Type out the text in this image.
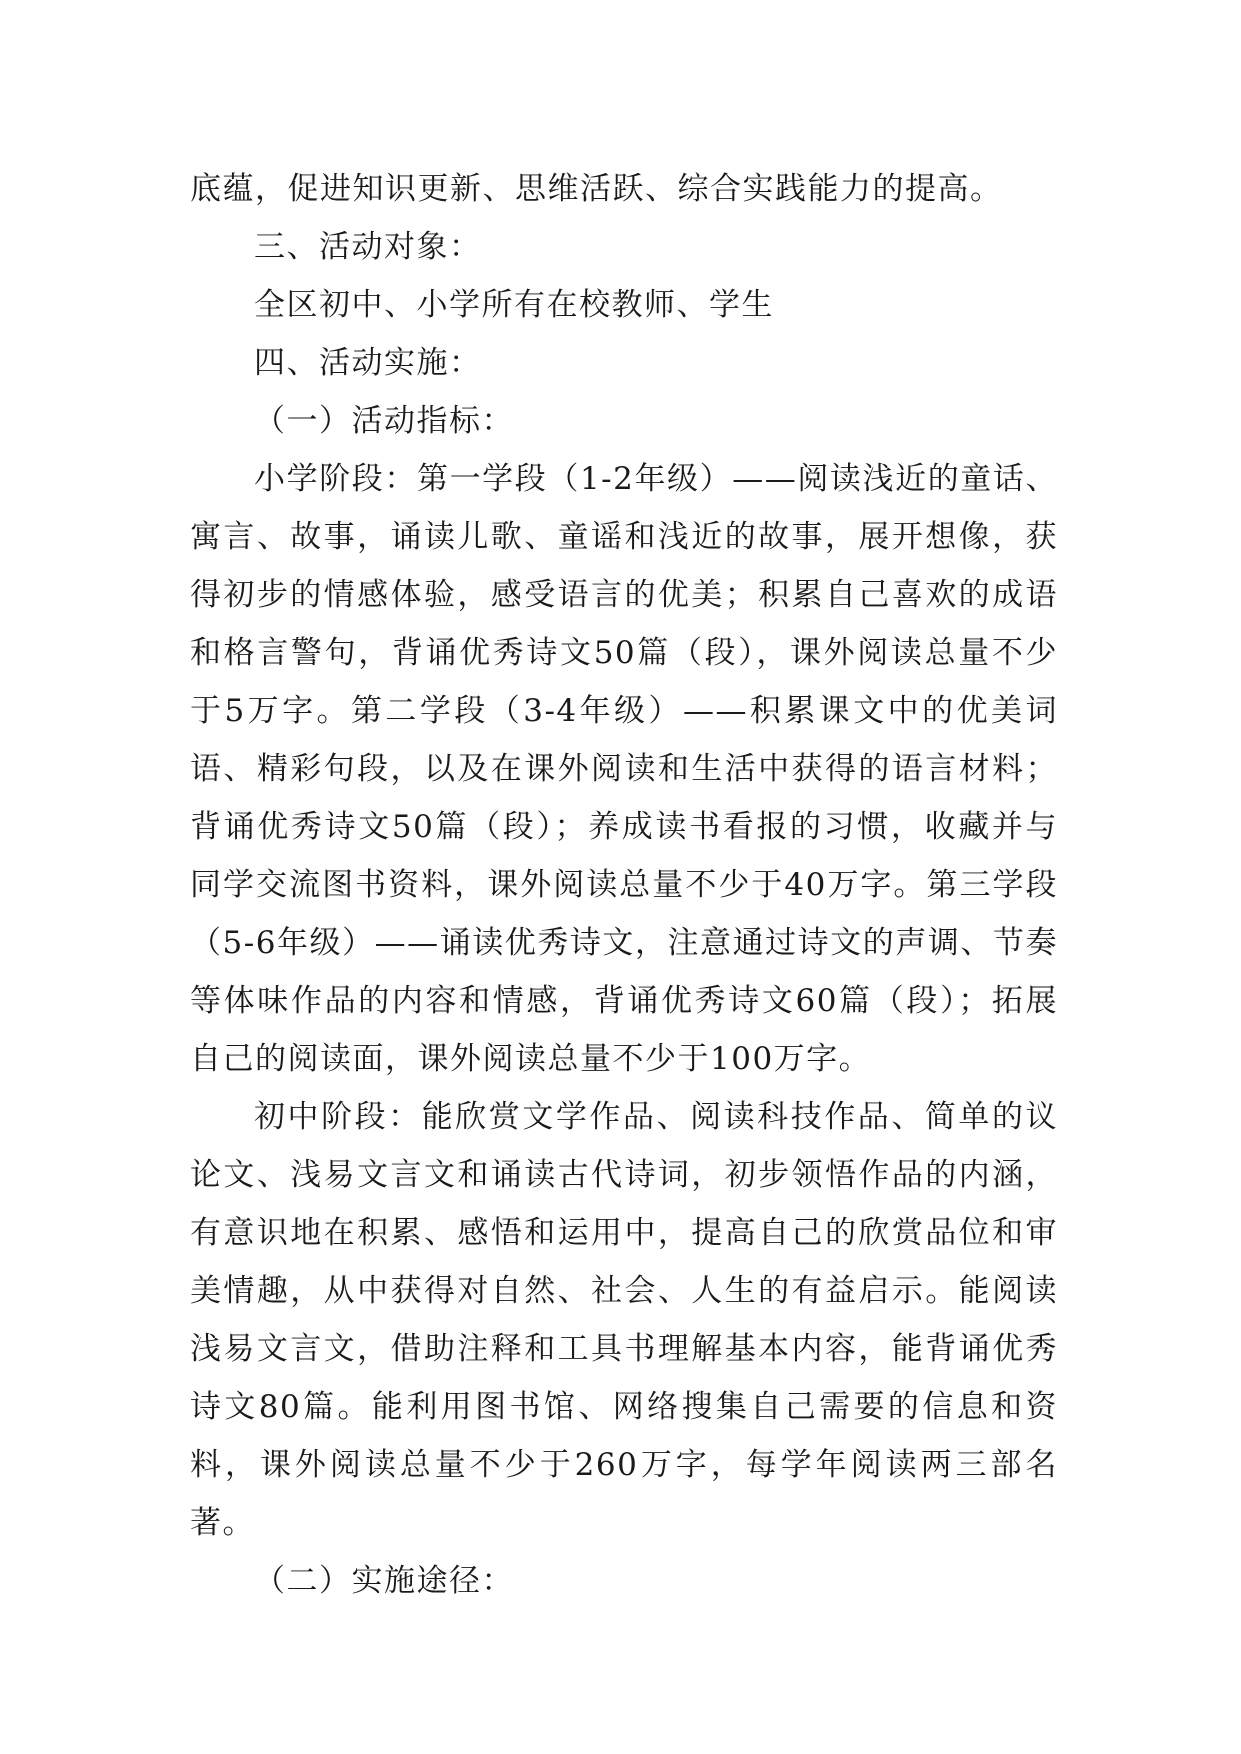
底蕴，促进知识更新、思维活跃、综合实践能力的提高。

三、活动对象：

全区初中、小学所有在校教师、学生

四、活动实施：

（一）活动指标：

小学阶段：第一学段（1-2年级）——阅读浅近的童话、寓言、故事，诵读儿歌、童谣和浅近的故事，展开想像，获得初步的情感体验，感受语言的优美；积累自己喜欢的成语和格言警句，背诵优秀诗文50篇（段），课外阅读总量不少于5万字。第二学段（3-4年级）——积累课文中的优美词语、精彩句段，以及在课外阅读和生活中获得的语言材料；背诵优秀诗文50篇（段）；养成读书看报的习惯，收藏并与同学交流图书资料，课外阅读总量不少于40万字。第三学段（5-6年级）——诵读优秀诗文，注意通过诗文的声调、节奏等体味作品的内容和情感，背诵优秀诗文60篇（段）；拓展自己的阅读面，课外阅读总量不少于100万字。

初中阶段：能欣赏文学作品、阅读科技作品、简单的议论文、浅易文言文和诵读古代诗词，初步领悟作品的内涵，有意识地在积累、感悟和运用中，提高自己的欣赏品位和审美情趣，从中获得对自然、社会、人生的有益启示。能阅读浅易文言文，借助注释和工具书理解基本内容，能背诵优秀诗文80篇。能利用图书馆、网络搜集自己需要的信息和资料，课外阅读总量不少于260万字，每学年阅读两三部名著。

（二）实施途径：
